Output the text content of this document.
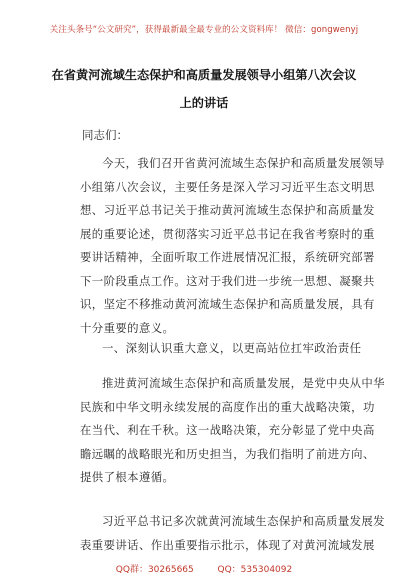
关注头条号“公文研究”，获得最新最全最专业的公文资料库！ 微信：gongwenyj
在省黄河流域生态保护和高质量发展领导小组第八次会议
上的讲话
同志们：
今天，我们召开省黄河流域生态保护和高质量发展领导
小组第八次会议，主要任务是深入学习习近平生态文明思
想、习近平总书记关于推动黄河流域生态保护和高质量发
展的重要论述，贯彻落实习近平总书记在我省考察时的重
要讲话精神，全面听取工作进展情况汇报，系统研究部署
下一阶段重点工作。这对于我们进一步统一思想、凝聚共
识，坚定不移推动黄河流域生态保护和高质量发展，具有
十分重要的意义。
一、深刻认识重大意义，以更高站位扛牢政治责任
推进黄河流域生态保护和高质量发展，是党中央从中华
民族和中华文明永续发展的高度作出的重大战略决策，功
在当代、利在千秋。这一战略决策，充分彰显了党中央高
瞻远瞩的战略眼光和历史担当，为我们指明了前进方向、
提供了根本遵循。
习近平总书记多次就黄河流域生态保护和高质量发展发
表重要讲话、作出重要指示批示，体现了对黄河流域发展
QQ群：30265665	QQ：535304092
